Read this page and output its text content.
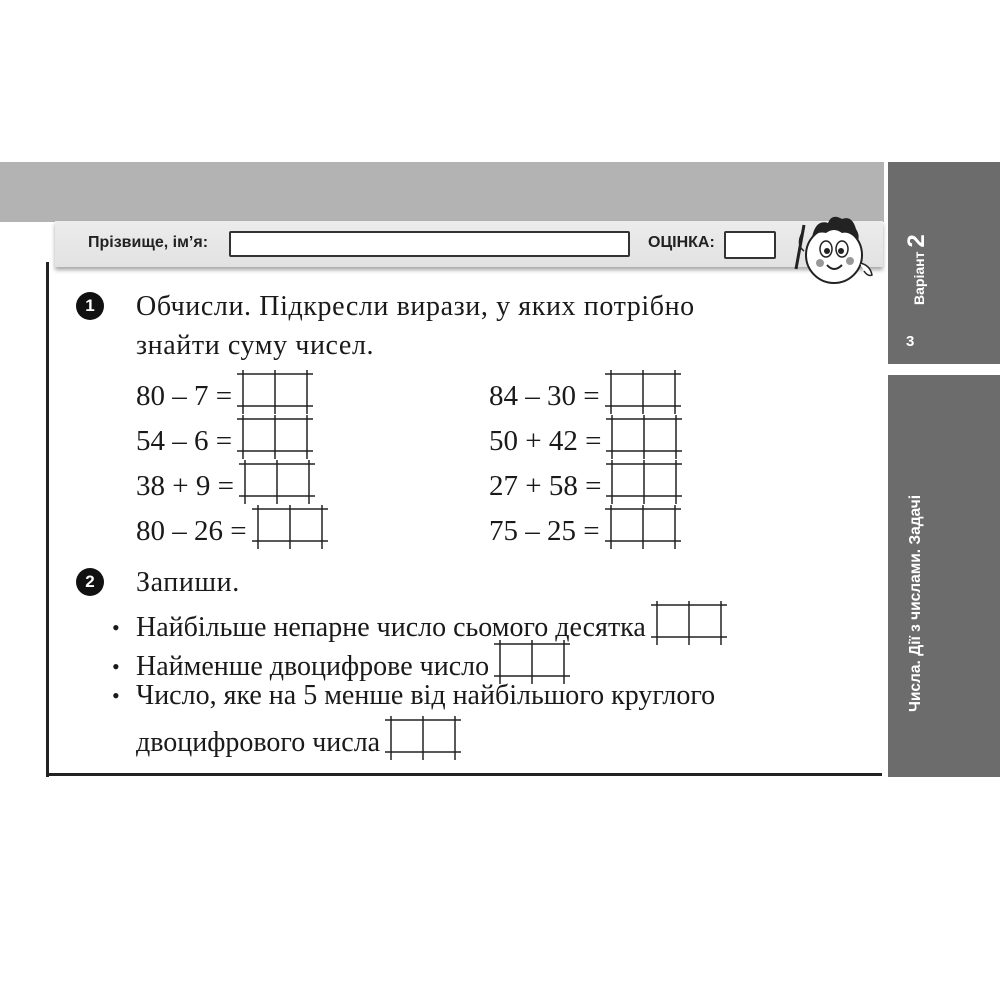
Прізвище, ім’я:	ОЦІНКА:
Варіант
2
3
Числа. Дії з числами. Задачі
1	Обчисли. Підкресли вирази, у яких потрібно
знайти суму чисел.
80 – 7 =
54 – 6 =
38 + 9 =
80 – 26 =
84 – 30 =
50 + 42 =
27 + 58 =
75 – 25 =
2	Запиши.
• Найбільше непарне число сьомого десятка
• Найменше двоцифрове число
• Число, яке на 5 менше від найбільшого круглого
двоцифрового числа
